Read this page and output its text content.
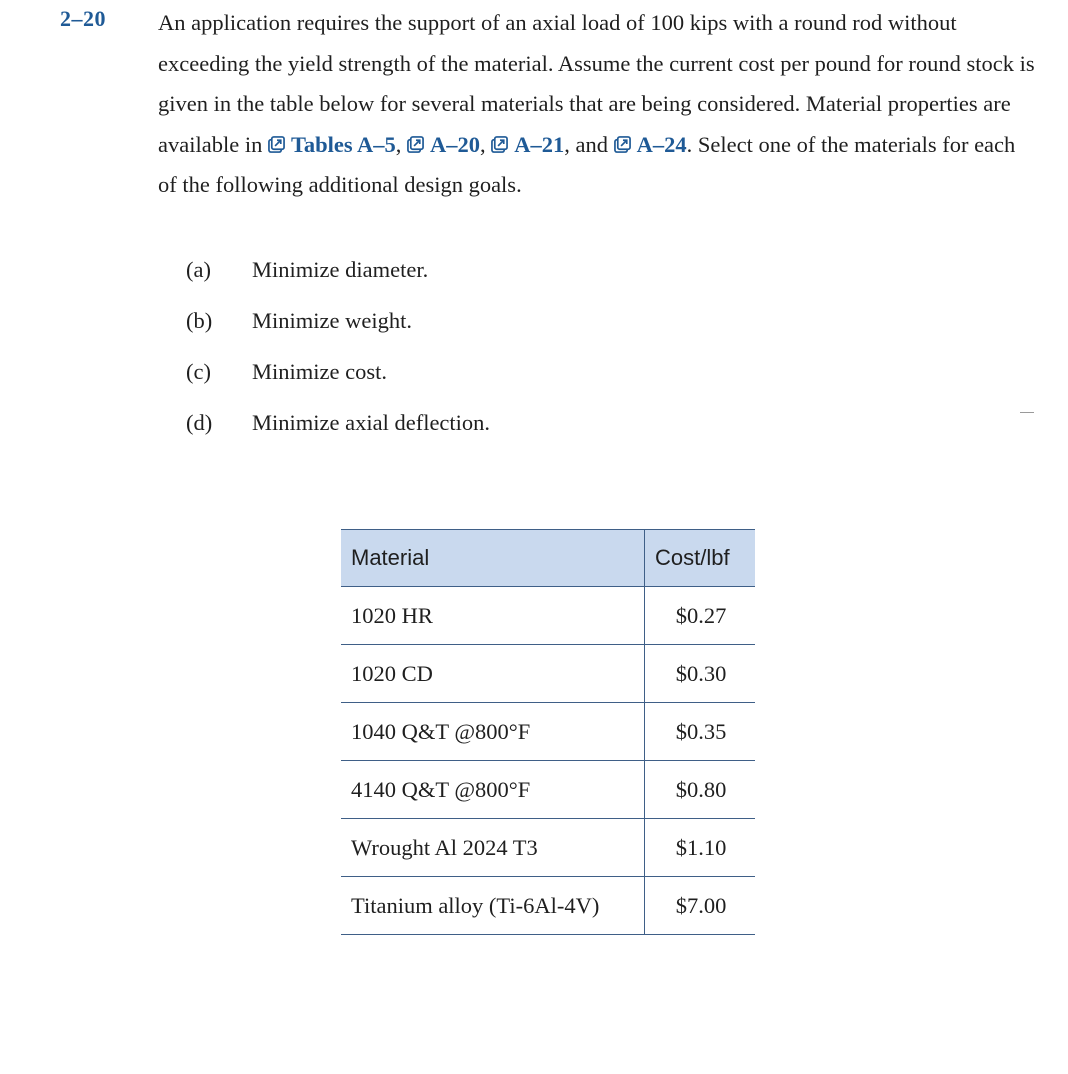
2–20 An application requires the support of an axial load of 100 kips with a round rod without exceeding the yield strength of the material. Assume the current cost per pound for round stock is given in the table below for several materials that are being considered. Material properties are available in Tables A–5, A–20, A–21, and A–24. Select one of the materials for each of the following additional design goals.

(a)	Minimize diameter.
(b)	Minimize weight.
(c)	Minimize cost.
(d)	Minimize axial deflection.
Material	Cost/lbf
1020 HR	$0.27
1020 CD	$0.30
1040 Q&T @800°F	$0.35
4140 Q&T @800°F	$0.80
Wrought Al 2024 T3	$1.10
Titanium alloy (Ti-6Al-4V)	$7.00
